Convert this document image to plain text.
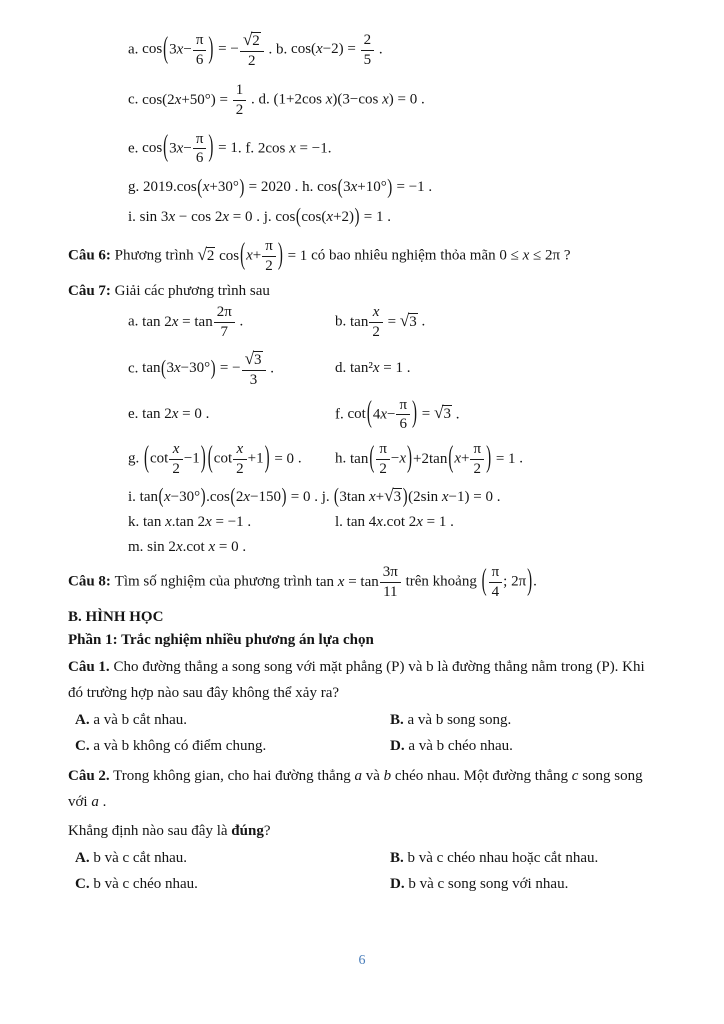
a. $\cos(3x- \frac{\pi}{6}$ ) = − $\frac{√2}{2}$ . b. $\cos(x-2) = \frac{2}{5}$ .
c. $\cos(2x+50^\circ) = \frac{1}{2}$ . d. (1+2cos x)(3−cos x) = 0 .
e. $\cos(3x- \frac{\pi}{6}$ ) = 1. f. 2cos x = −1.
g. 2019.cos(x+30°) = 2020 . h. cos(3x+10°) = −1 .
i. sin 3x − cos 2x = 0 . j. cos(cos(x+2)) = 1 .

Câu 6: Phương trình √2 $\cos(x+ \frac{\pi}{2}$ ) = 1 có bao nhiêu nghiệm thỏa mãn 0 ≤ x ≤ 2π ?

Câu 7: Giải các phương trình sau

a. $\tan 2x = \tan \frac{2\pi}{7}$ .	b. $\tan \frac{x}{2} = √3$ .
c. tan(3x−30°) = − $\frac{√3}{3}$ .	d. tan²x = 1 .
e. tan 2x = 0 .	f. $\cot(4x- \frac{\pi}{6}$ ) = √3 .
g. $(\cot \frac{x}{2} -1)$ $(\cot \frac{x}{2} +1) = 0$ .	h. $\tan( \frac{\pi}{2} -x)+2\tan(x+ \frac{\pi}{2}$ ) = 1 .
i. tan(x−30°).cos(2x−150) = 0 . j. (3tan x+√3 )(2sin x−1) = 0 .
k. tan x.tan 2x = −1 .	l. tan 4x.cot 2x = 1 .
m. sin 2x.cot x = 0 .

Câu 8: Tìm số nghiệm của phương trình $\tan x = \tan \frac{3\pi}{11}$ trên khoảng ( $\frac{\pi}{4}$ ; 2π).

B. HÌNH HỌC
Phần 1: Trắc nghiệm nhiều phương án lựa chọn

Câu 1. Cho đường thẳng a song song với mặt phẳng (P) và b là đường thẳng nằm trong (P). Khi đó trường hợp nào sau đây không thể xảy ra?

A. a và b cắt nhau.	B. a và b song song.
C. a và b không có điểm chung.	D. a và b chéo nhau.

Câu 2. Trong không gian, cho hai đường thẳng a và b chéo nhau. Một đường thẳng c song song với a .

Khẳng định nào sau đây là đúng?

A. b và c cắt nhau.	B. b và c chéo nhau hoặc cắt nhau.
C. b và c chéo nhau.	D. b và c song song với nhau.
6
